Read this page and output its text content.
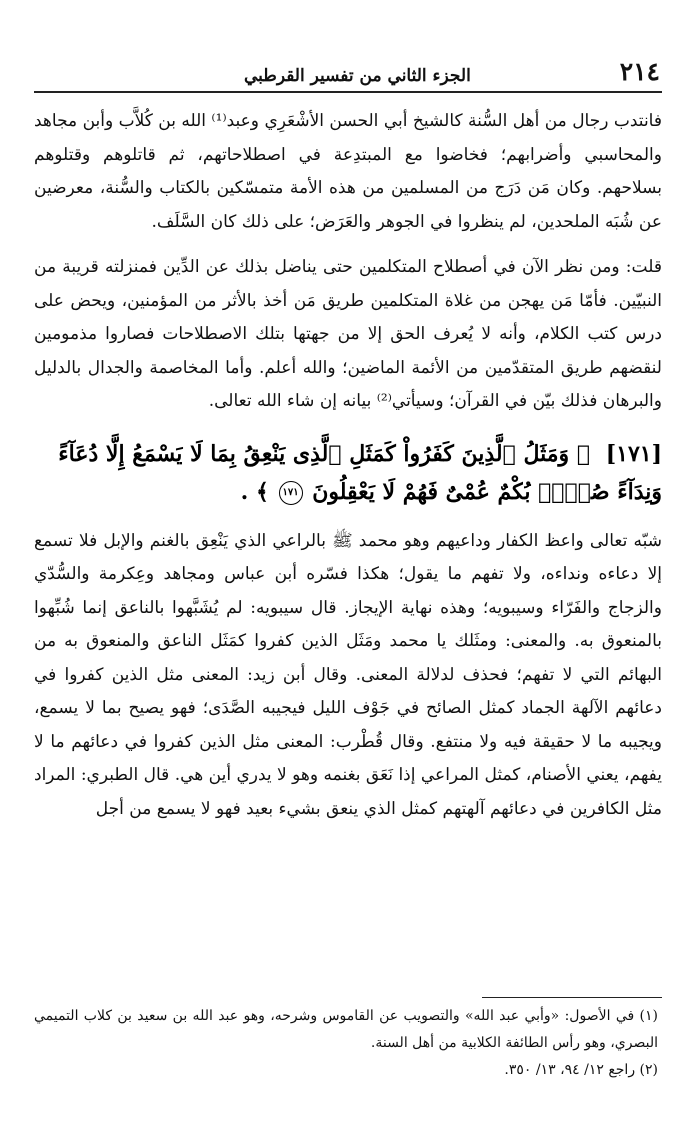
٢١٤
الجزء الثاني من تفسير القرطبي

فانتدب رجال من أهل السُّنة كالشيخ أبي الحسن الأشْعَرِي وعبد⁽¹⁾ الله بن كُلاَّب وأبن مجاهد والمحاسبي وأضرابهم؛ فخاضوا مع المبتدِعة في اصطلاحاتهم، ثم قاتلوهم وقتلوهم بسلاحهم. وكان مَن دَرَج من المسلمين من هذه الأمة متمسّكين بالكتاب والسُّنة، معرضين عن شُبَه الملحدين، لم ينظروا في الجوهر والعَرَض؛ على ذلك كان السَّلَف.

قلت: ومن نظر الآن في أصطلاح المتكلمين حتى يناضل بذلك عن الدِّين فمنزلته قريبة من النبيّين. فأمّا مَن يهجن من غلاة المتكلمين طريق مَن أخذ بالأثر من المؤمنين، ويحض على درس كتب الكلام، وأنه لا يُعرف الحق إلا من جهتها بتلك الاصطلاحات فصاروا مذمومين لنقضهم طريق المتقدّمين من الأئمة الماضين؛ والله أعلم. وأما المخاصمة والجدال بالدليل والبرهان فذلك بيّن في القرآن؛ وسيأتي⁽²⁾ بيانه إن شاء الله تعالى.

[١٧١] ﴿ وَمَثَلُ ٱلَّذِينَ كَفَرُواْ كَمَثَلِ ٱلَّذِى يَنْعِقُ بِمَا لَا يَسْمَعُ إِلَّا دُعَآءً وَنِدَآءً صُمٌّۢ بُكْمٌ عُمْىٌ فَهُمْ لَا يَعْقِلُونَ ١٧١ ﴾ .

شبّه تعالى واعظ الكفار وداعيهم وهو محمد ﷺ بالراعي الذي يَنْعِق بالغنم والإبل فلا تسمع إلا دعاءه ونداءه، ولا تفهم ما يقول؛ هكذا فسّره أبن عباس ومجاهد وعِكرمة والسُّدّي والزجاج والفَرّاء وسيبويه؛ وهذه نهاية الإيجاز. قال سيبويه: لم يُشَبَّهوا بالناعق إنما شُبِّهوا بالمنعوق به. والمعنى: ومثَلك يا محمد ومَثَل الذين كفروا كمَثَل الناعق والمنعوق به من البهائم التي لا تفهم؛ فحذف لدلالة المعنى. وقال أبن زيد: المعنى مثل الذين كفروا في دعائهم الآلهة الجماد كمثل الصائح في جَوْف الليل فيجيبه الصَّدَى؛ فهو يصيح بما لا يسمع، ويجيبه ما لا حقيقة فيه ولا منتفع. وقال قُطْرب: المعنى مثل الذين كفروا في دعائهم ما لا يفهم، يعني الأصنام، كمثل المراعي إذا نَعَق بغنمه وهو لا يدري أين هي. قال الطبري: المراد مثل الكافرين في دعائهم آلهتهم كمثل الذي ينعق بشيء بعيد فهو لا يسمع من أجل

(١) في الأصول: «وأبي عبد الله» والتصويب عن القاموس وشرحه، وهو عبد الله بن سعيد بن كلاب التميمي البصري، وهو رأس الطائفة الكلابية من أهل السنة.

(٢) راجع ١٢/ ٩٤، ١٣/ ٣٥٠.
